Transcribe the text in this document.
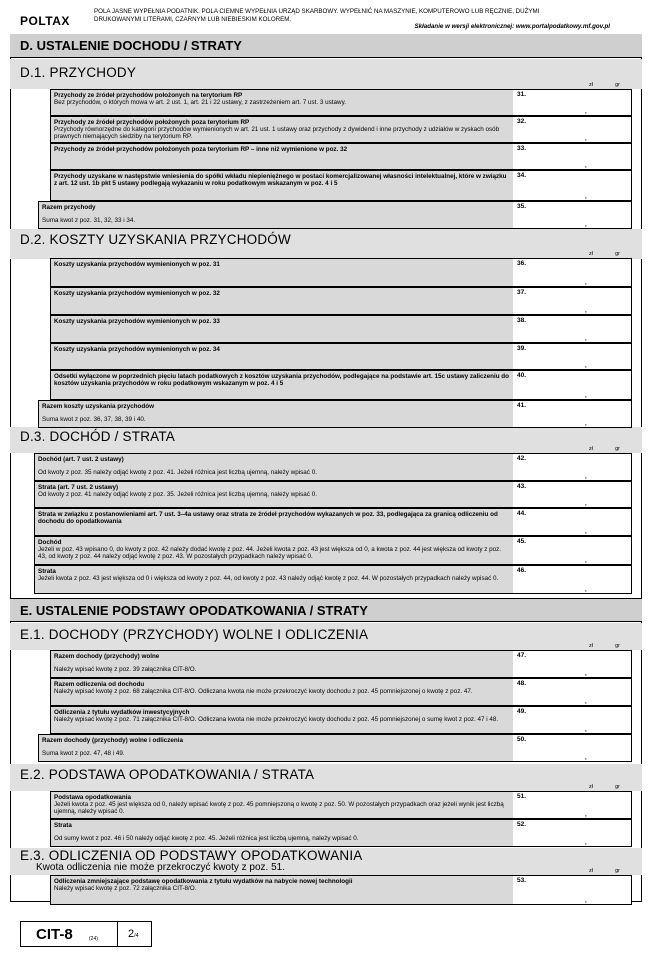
POLTAX
POLA JASNE WYPEŁNIA PODATNIK. POLA CIEMNE WYPEŁNIA URZĄD SKARBOWY. WYPEŁNIĆ NA MASZYNIE, KOMPUTEROWO LUB RĘCZNIE, DUŻYMI
DRUKOWANYMI LITERAMI, CZARNYM LUB NIEBIESKIM KOLOREM.
Składanie w wersji elektronicznej: www.portalpodatkowy.mf.gov.pl
D. USTALENIE DOCHODU / STRATY
D.1. PRZYCHODY
zł	gr
D.2. KOSZTY UZYSKANIA PRZYCHODÓW
zł	gr
D.3. DOCHÓD / STRATA
zł	gr
E. USTALENIE PODSTAWY OPODATKOWANIA / STRATY
E.1. DOCHODY (PRZYCHODY) WOLNE I ODLICZENIA
zł	gr
E.2. PODSTAWA OPODATKOWANIA / STRATA
zł	gr
E.3. ODLICZENIA OD PODSTAWY OPODATKOWANIA
Kwota odliczenia nie może przekroczyć kwoty z poz. 51.	zł	gr
Przychody ze źródeł przychodów położonych na terytorium RP
Bez przychodów, o których mowa w art. 2 ust. 1, art. 21 i 22 ustawy, z zastrzeżeniem art. 7 ust. 3 ustawy.
31.
,
Przychody ze źródeł przychodów położonych poza terytorium RP
Przychody równorzędne do kategorii przychodów wymienionych w art. 21 ust. 1 ustawy oraz przychody z dywidend i inne przychody z udziałów w zyskach osób prawnych niemających siedziby na terytorium RP.
32.
,
Przychody ze źródeł przychodów położonych poza terytorium RP – inne niż wymienione w poz. 32	33.
,
Przychody uzyskane w następstwie wniesienia do spółki wkładu niepieniężnego w postaci komercjalizowanej własności intelektualnej, które w związku z art. 12 ust. 1b pkt 5 ustawy podlegają wykazaniu w roku podatkowym wskazanym w poz. 4 i 5
34.
,
Razem przychody
Suma kwot z poz. 31, 32, 33 i 34.
35.
,
Koszty uzyskania przychodów wymienionych w poz. 31	36.
,
Koszty uzyskania przychodów wymienionych w poz. 32	37.
,
Koszty uzyskania przychodów wymienionych w poz. 33	38.
,
Koszty uzyskania przychodów wymienionych w poz. 34	39.
,
Odsetki wyłączone w poprzednich pięciu latach podatkowych z kosztów uzyskania przychodów, podlegające na podstawie art. 15c ustawy zaliczeniu do kosztów uzyskania przychodów w roku podatkowym wskazanym w poz. 4 i 5
40.
,
Razem koszty uzyskania przychodów
Suma kwot z poz. 36, 37, 38, 39 i 40.
41.
,
Dochód (art. 7 ust. 2 ustawy)
Od kwoty z poz. 35 należy odjąć kwotę z poz. 41. Jeżeli różnica jest liczbą ujemną, należy wpisać 0.
42.
,
Strata (art. 7 ust. 2 ustawy)
Od kwoty z poz. 41 należy odjąć kwotę z poz. 35. Jeżeli różnica jest liczbą ujemną, należy wpisać 0.
43.
,
Strata w związku z postanowieniami art. 7 ust. 3–4a ustawy oraz strata ze źródeł przychodów wykazanych w poz. 33, podlegająca za granicą odliczeniu od dochodu do opodatkowania
44.
,
Dochód
Jeżeli w poz. 43 wpisano 0, do kwoty z poz. 42 należy dodać kwotę z poz. 44. Jeżeli kwota z poz. 43 jest większa od 0, a kwota z poz. 44 jest większa od kwoty z poz. 43, od kwoty z poz. 44 należy odjąć kwotę z poz. 43. W pozostałych przypadkach należy wpisać 0.
45.
,
Strata
Jeżeli kwota z poz. 43 jest większa od 0 i większa od kwoty z poz. 44, od kwoty z poz. 43 należy odjąć kwotę z poz. 44. W pozostałych przypadkach należy wpisać 0.
46.
,
Razem dochody (przychody) wolne
Należy wpisać kwotę z poz. 39 załącznika CIT-8/O.
47.
,
Razem odliczenia od dochodu
Należy wpisać kwotę z poz. 68 załącznika CIT-8/O. Odliczana kwota nie może przekroczyć kwoty dochodu z poz. 45 pomniejszonej o kwotę z poz. 47.
48.
,
Odliczenia z tytułu wydatków inwestycyjnych
Należy wpisać kwotę z poz. 71 załącznika CIT-8/O. Odliczana kwota nie może przekroczyć kwoty dochodu z poz. 45 pomniejszonej o sumę kwot z poz. 47 i 48.
49.
,
Razem dochody (przychody) wolne i odliczenia
Suma kwot z poz. 47, 48 i 49.
50.
,
Podstawa opodatkowania
Jeżeli kwota z poz. 45 jest większa od 0, należy wpisać kwotę z poz. 45 pomniejszoną o kwotę z poz. 50. W pozostałych przypadkach oraz jeżeli wynik jest liczbą ujemną, należy wpisać 0.
51.
,
Strata
Od sumy kwot z poz. 46 i 50 należy odjąć kwotę z poz. 45. Jeżeli różnica jest liczbą ujemną, należy wpisać 0.
52.
,
Odliczenia zmniejszające podstawę opodatkowania z tytułu wydatków na nabycie nowej technologii
Należy wpisać kwotę z poz. 72 załącznika CIT-8/O.
53.
,
CIT-8	(24)	2/4
